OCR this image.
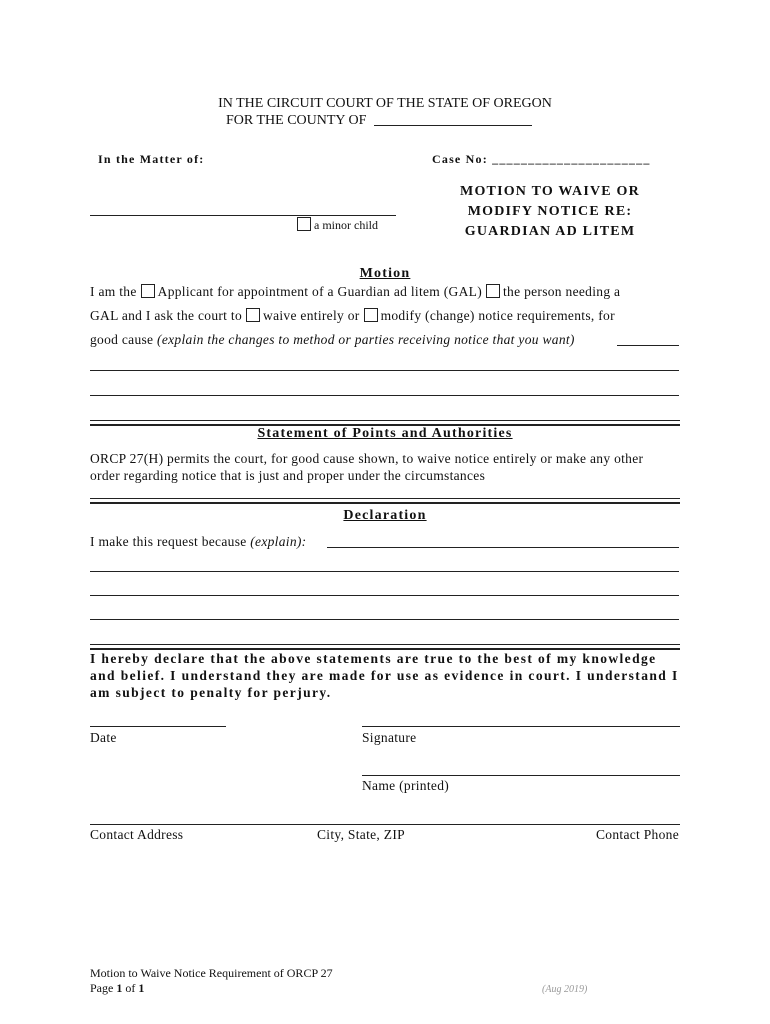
IN THE CIRCUIT COURT OF THE STATE OF OREGON
FOR THE COUNTY OF
In the Matter of:	Case No: ______________________
a minor child
MOTION TO WAIVE OR
MODIFY NOTICE RE:
GUARDIAN AD LITEM
Motion
I am the Applicant for appointment of a Guardian ad litem (GAL) the person needing a
GAL and I ask the court to waive entirely or modify (change) notice requirements, for
good cause (explain the changes to method or parties receiving notice that you want)
Statement of Points and Authorities
ORCP 27(H) permits the court, for good cause shown, to waive notice entirely or make any other
order regarding notice that is just and proper under the circumstances
Declaration
I make this request because (explain):
I hereby declare that the above statements are true to the best of my knowledge
and belief. I understand they are made for use as evidence in court. I understand I
am subject to penalty for perjury.
Date	Signature
Name (printed)
Contact Address	City, State, ZIP	Contact Phone
Motion to Waive Notice Requirement of ORCP 27
Page 1 of 1	(Aug 2019)
